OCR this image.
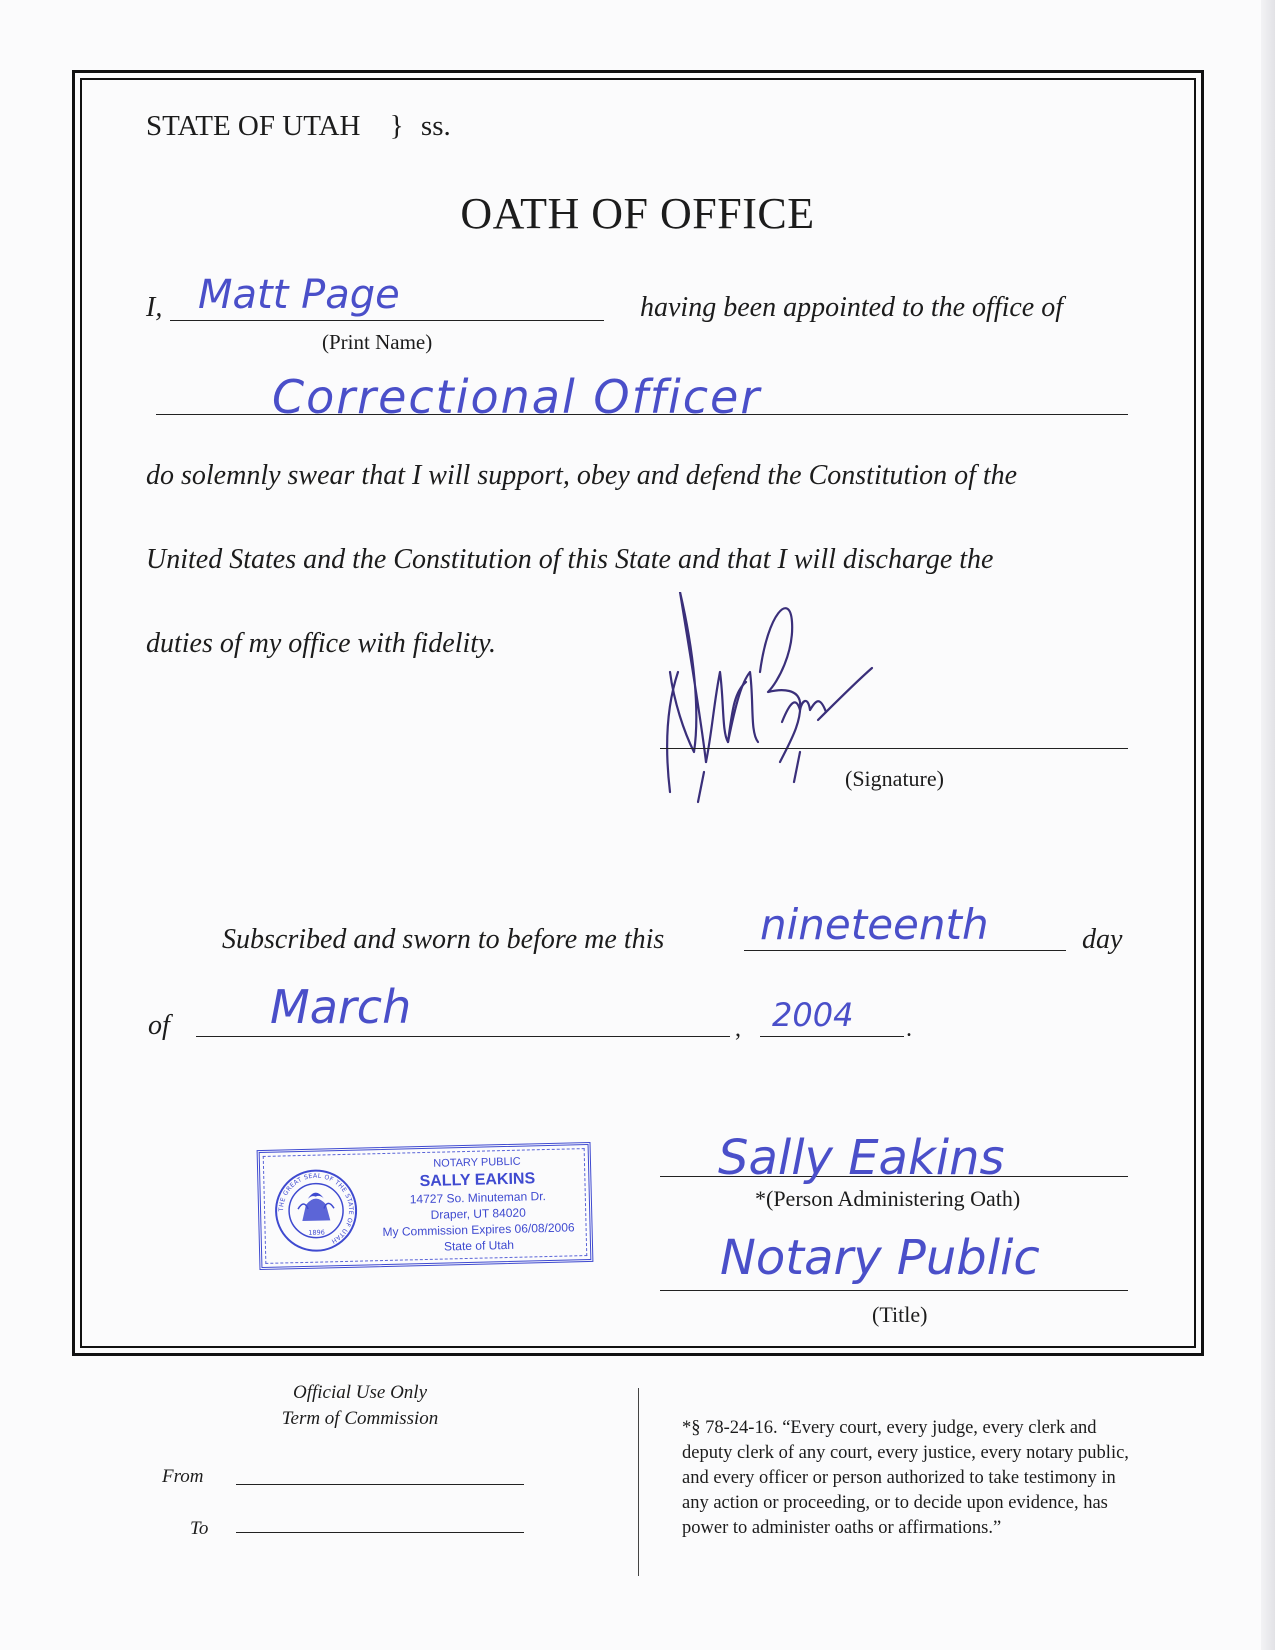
STATE OF UTAH } ss.
OATH OF OFFICE
I, Matt Page
(Print Name)
having been appointed to the office of
Correctional Officer
do solemnly swear that I will support, obey and defend the Constitution of the
United States and the Constitution of this State and that I will discharge the
duties of my office with fidelity.
(Signature)
Subscribed and sworn to before me this nineteenth	day
of March	, 2004 .
THE GREAT SEAL OF THE STATE OF UTAH
1896
NOTARY PUBLIC
SALLY EAKINS
14727 So. Minuteman Dr.
Draper, UT 84020
My Commission Expires 06/08/2006
State of Utah
Sally Eakins
*(Person Administering Oath)
Notary Public
(Title)
Official Use Only
Term of Commission
From
To
*§ 78-24-16. “Every court, every judge, every clerk and
deputy clerk of any court, every justice, every notary public,
and every officer or person authorized to take testimony in
any action or proceeding, or to decide upon evidence, has
power to administer oaths or affirmations.”
